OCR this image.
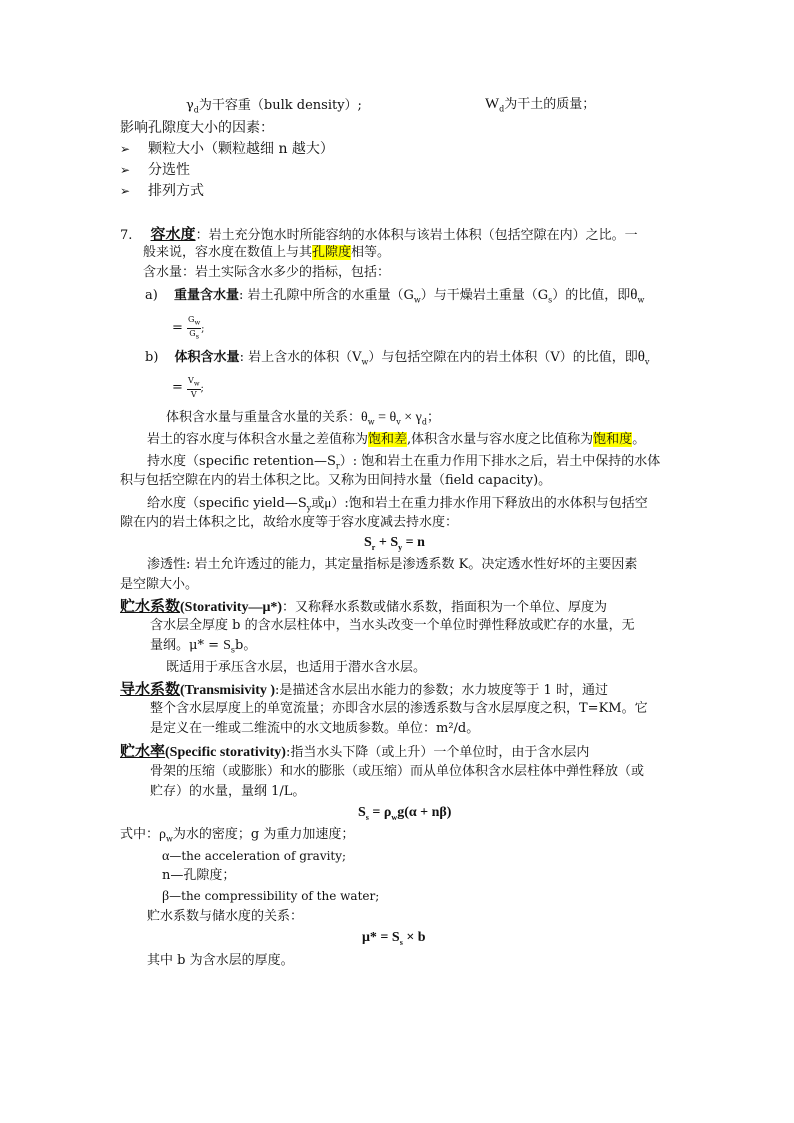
$\gamma_d$为干容重（bulk density）;	$W_d$为干土的质量；
影响孔隙度大小的因素：
➢ 颗粒大小（颗粒越细 n 越大）
➢ 分选性
➢ 排列方式
7. 容水度：岩土充分饱水时所能容纳的水体积与该岩土体积（包括空隙在内）之比。一
般来说，容水度在数值上与其孔隙度相等。
含水量：岩土实际含水多少的指标，包括：
a) 重量含水量: 岩土孔隙中所含的水重量$(G_w)$与干燥岩土重量$(G_s)$的比值，即$\theta_w$
= $\frac{G_w}{G_s}$ ;
b) 体积含水量: 岩上含水的体积$(V_w)$与包括空隙在内的岩土体积（V）的比值，即$\theta_v$
= $\frac{V_w}{V}$ ;
体积含水量与重量含水量的关系：$\theta_w = \theta_v \times \gamma_d$；
岩土的容水度与体积含水量之差值称为饱和差,体积含水量与容水度之比值称为饱和度。
持水度（specific $retention—S_r$）: 饱和岩土在重力作用下排水之后，岩土中保持的水体
积与包括空隙在内的岩土体积之比。又称为田间持水量（field capacity)。
给水度（specific $yield—S_y$或μ）:饱和岩土在重力排水作用下释放出的水体积与包括空
隙在内的岩土体积之比，故给水度等于容水度减去持水度：
$S_r + S_y = n$
渗透性: 岩土允许透过的能力，其定量指标是渗透系数 K。决定透水性好坏的主要因素
是空隙大小。
贮水系数(Storativity—μ*)：又称释水系数或储水系数，指面积为一个单位、厚度为
含水层全厚度 b 的含水层柱体中，当水头改变一个单位时弹性释放或贮存的水量，无
量纲。$\mu* = S_sb$。
既适用于承压含水层，也适用于潜水含水层。
导水系数(Transmisivity ):是描述含水层出水能力的参数；水力坡度等于 1 时，通过
整个含水层厚度上的单宽流量；亦即含水层的渗透系数与含水层厚度之积，T=KM。它
是定义在一维或二维流中的水文地质参数。单位：m²/d。
贮水率(Specific storativity):指当水头下降（或上升）一个单位时，由于含水层内
骨架的压缩（或膨胀）和水的膨胀（或压缩）而从单位体积含水层柱体中弹性释放（或
贮存）的水量，量纲 1/L。
$S_s = \rho_wg(\alpha + n\beta)$
式中：$\rho_w$为水的密度；g 为重力加速度；
α—the acceleration of gravity;
n—孔隙度；
β—the compressibility of the water;
贮水系数与储水度的关系：
$\mu* = S_s \times b$
其中 b 为含水层的厚度。
